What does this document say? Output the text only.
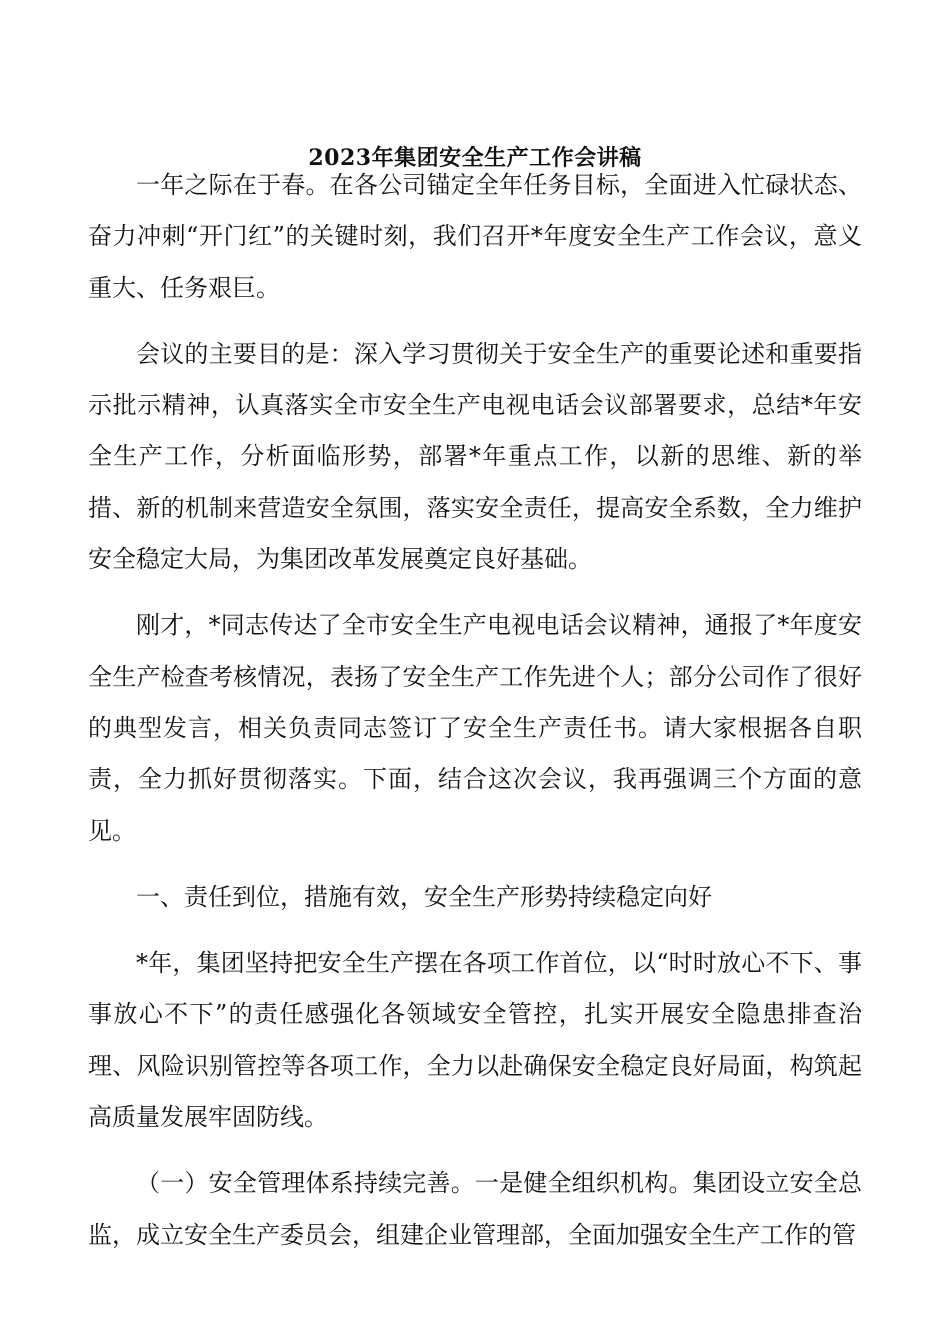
2023年集团安全生产工作会讲稿

一年之际在于春。在各公司锚定全年任务目标，全面进入忙碌状态、奋力冲刺“开门红”的关键时刻，我们召开*年度安全生产工作会议，意义重大、任务艰巨。

会议的主要目的是：深入学习贯彻关于安全生产的重要论述和重要指示批示精神，认真落实全市安全生产电视电话会议部署要求，总结*年安全生产工作，分析面临形势，部署*年重点工作，以新的思维、新的举措、新的机制来营造安全氛围，落实安全责任，提高安全系数，全力维护安全稳定大局，为集团改革发展奠定良好基础。

刚才，*同志传达了全市安全生产电视电话会议精神，通报了*年度安全生产检查考核情况，表扬了安全生产工作先进个人；部分公司作了很好的典型发言，相关负责同志签订了安全生产责任书。请大家根据各自职责，全力抓好贯彻落实。下面，结合这次会议，我再强调三个方面的意见。

一、责任到位，措施有效，安全生产形势持续稳定向好

*年，集团坚持把安全生产摆在各项工作首位，以“时时放心不下、事事放心不下”的责任感强化各领域安全管控，扎实开展安全隐患排查治理、风险识别管控等各项工作，全力以赴确保安全稳定良好局面，构筑起高质量发展牢固防线。

（一）安全管理体系持续完善。一是健全组织机构。集团设立安全总监，成立安全生产委员会，组建企业管理部，全面加强安全生产工作的管
